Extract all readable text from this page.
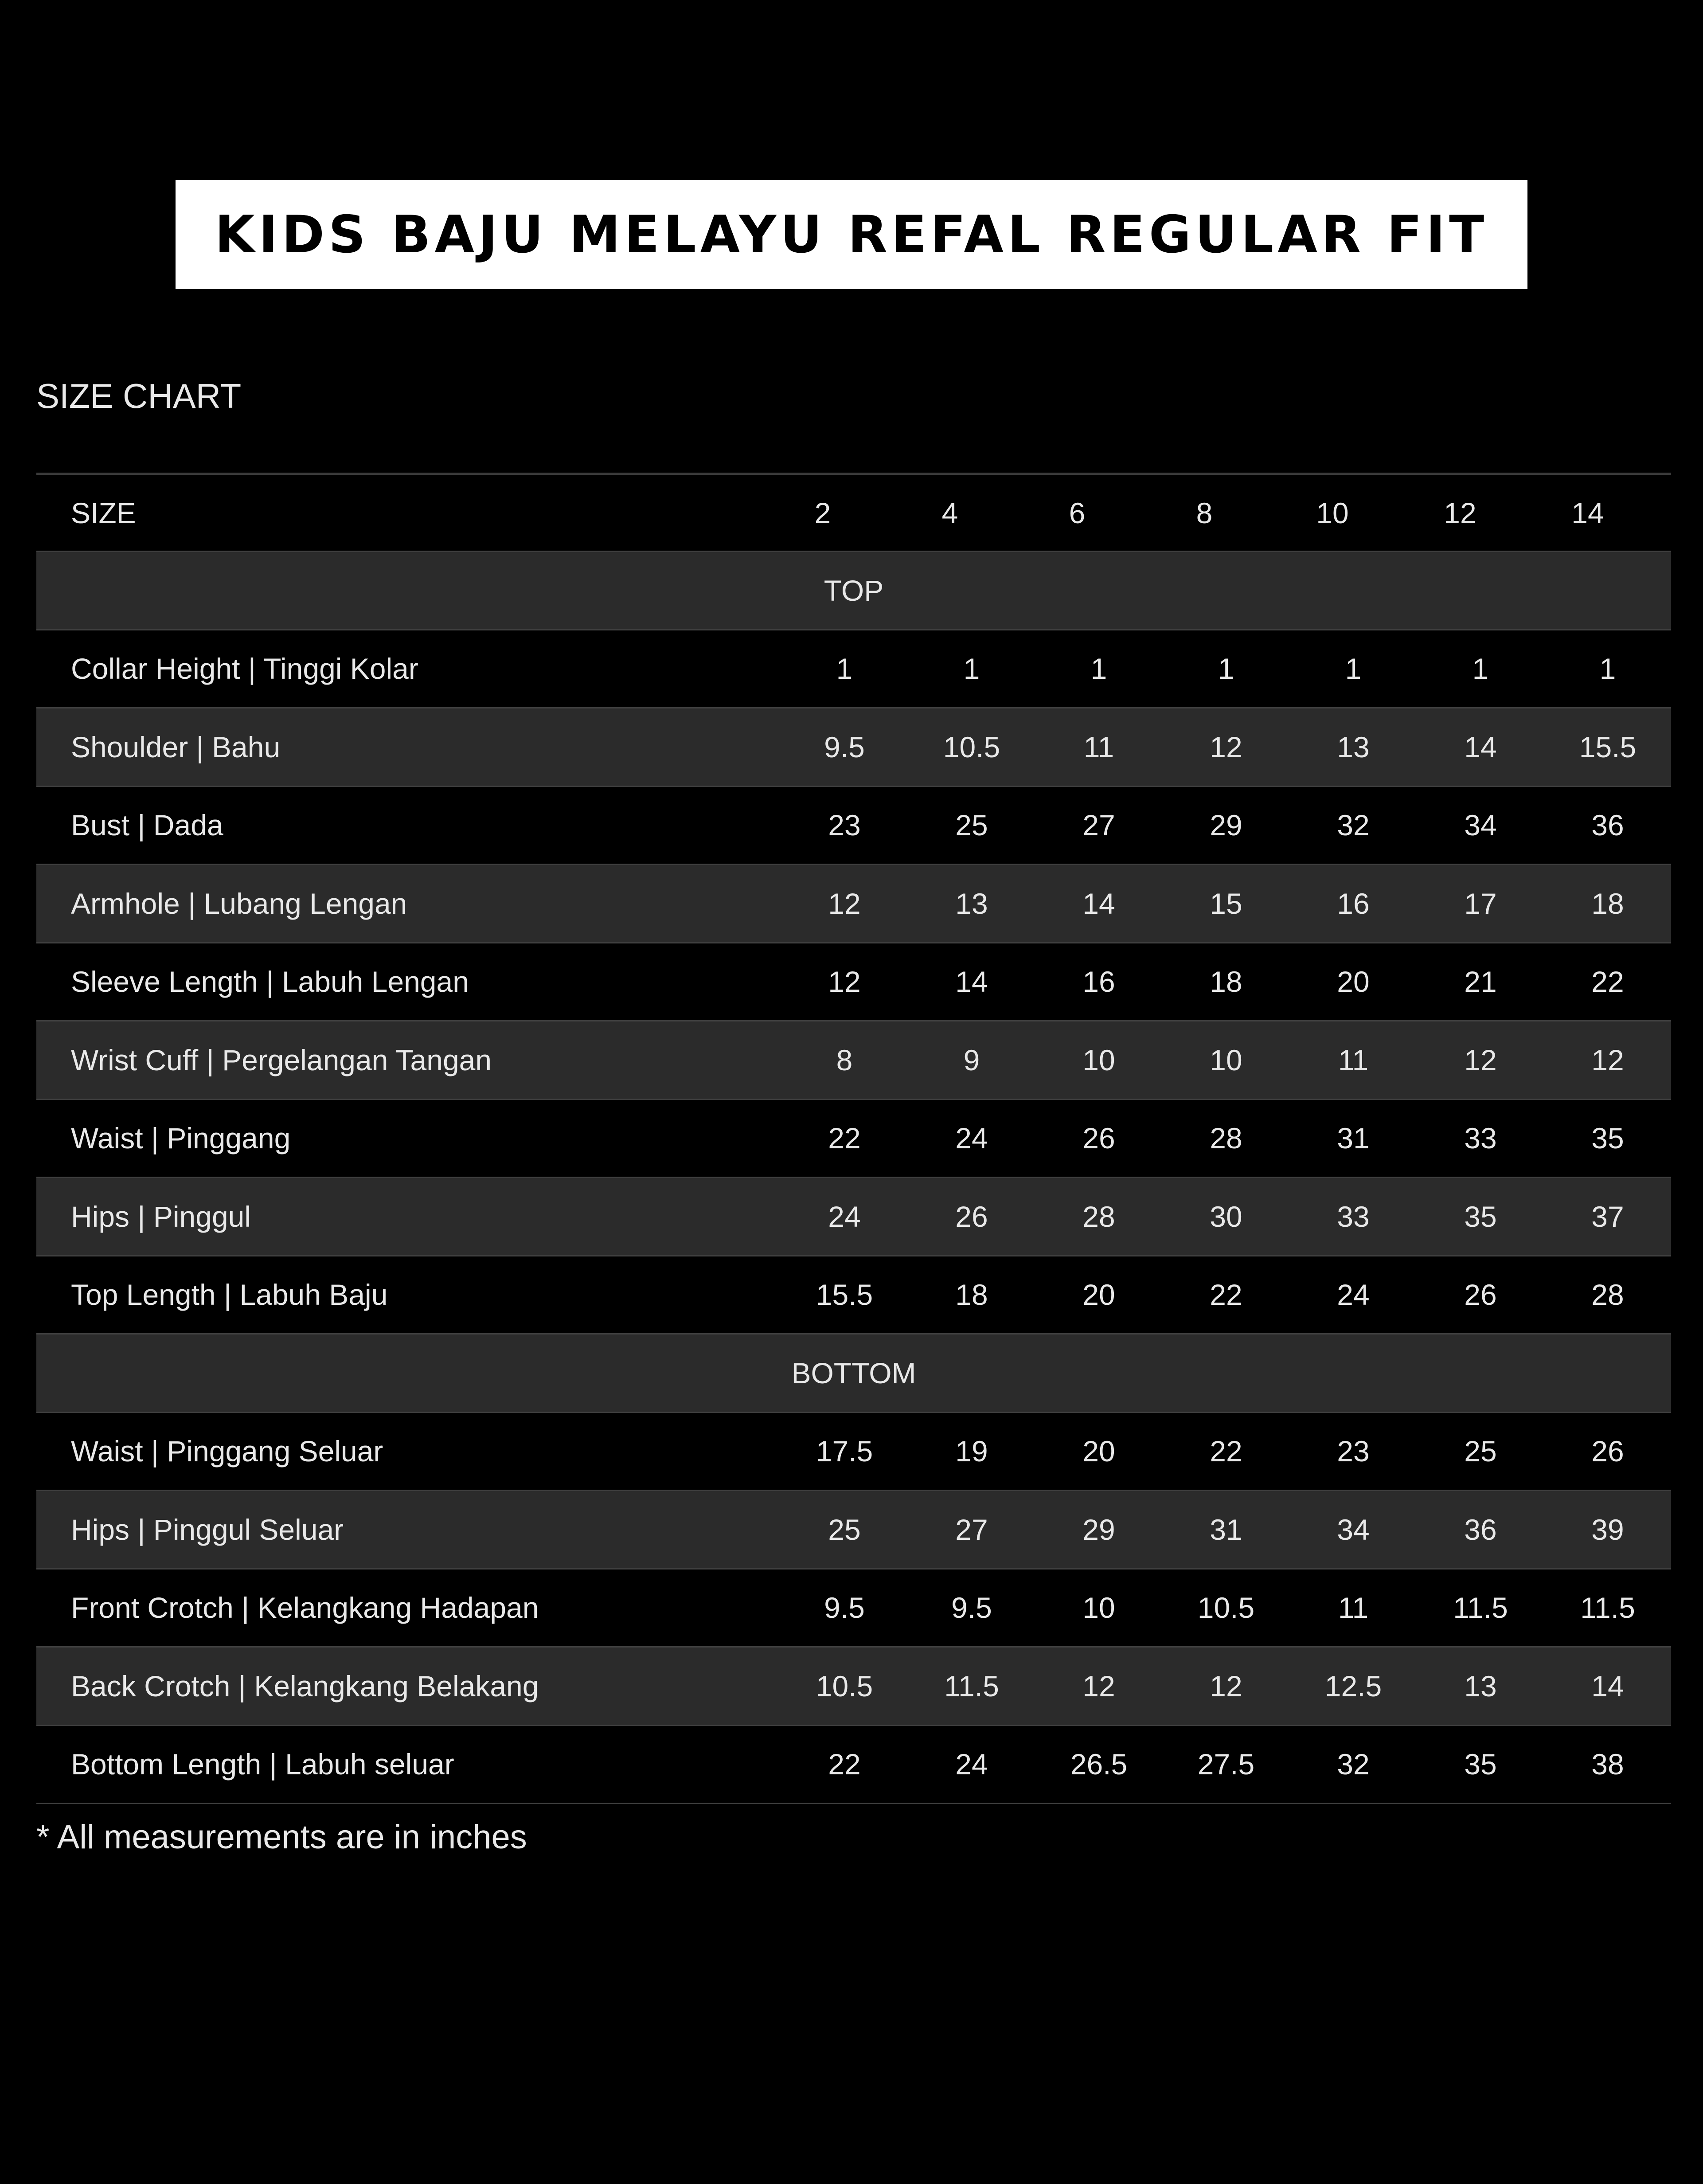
KIDS BAJU MELAYU REFAL REGULAR FIT
SIZE CHART
SIZE	2	4	6	8	10	12	14
TOP
Collar Height | Tinggi Kolar	1	1	1	1	1	1	1
Shoulder | Bahu	9.5	10.5	11	12	13	14	15.5
Bust | Dada	23	25	27	29	32	34	36
Armhole | Lubang Lengan	12	13	14	15	16	17	18
Sleeve Length | Labuh Lengan	12	14	16	18	20	21	22
Wrist Cuff | Pergelangan Tangan	8	9	10	10	11	12	12
Waist | Pinggang	22	24	26	28	31	33	35
Hips | Pinggul	24	26	28	30	33	35	37
Top Length | Labuh Baju	15.5	18	20	22	24	26	28
BOTTOM
Waist | Pinggang Seluar	17.5	19	20	22	23	25	26
Hips | Pinggul Seluar	25	27	29	31	34	36	39
Front Crotch | Kelangkang Hadapan	9.5	9.5	10	10.5	11	11.5	11.5
Back Crotch | Kelangkang Belakang	10.5	11.5	12	12	12.5	13	14
Bottom Length | Labuh seluar	22	24	26.5	27.5	32	35	38
* All measurements are in inches
